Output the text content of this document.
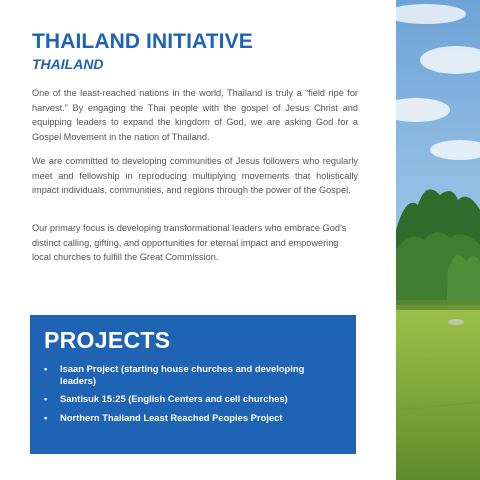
THAILAND INITIATIVE
THAILAND

One of the least-reached nations in the world, Thailand is truly a “field ripe for harvest.” By engaging the Thai people with the gospel of Jesus Christ and equipping leaders to expand the kingdom of God, we are asking God for a Gospel Movement in the nation of Thailand.

We are committed to developing communities of Jesus followers who regularly meet and fellowship in reproducing multiplying movements that holistically impact individuals, communities, and regions through the power of the Gospel.

Our primary focus is developing transformational leaders who embrace God’s distinct calling, gifting, and opportunities for eternal impact and empowering local churches to fulfill the Great Commission.

PROJECTS
• Isaan Project (starting house churches and developing leaders)
• Santisuk 15:25 (English Centers and cell churches)
• Northern Thailand Least Reached Peoples Project
